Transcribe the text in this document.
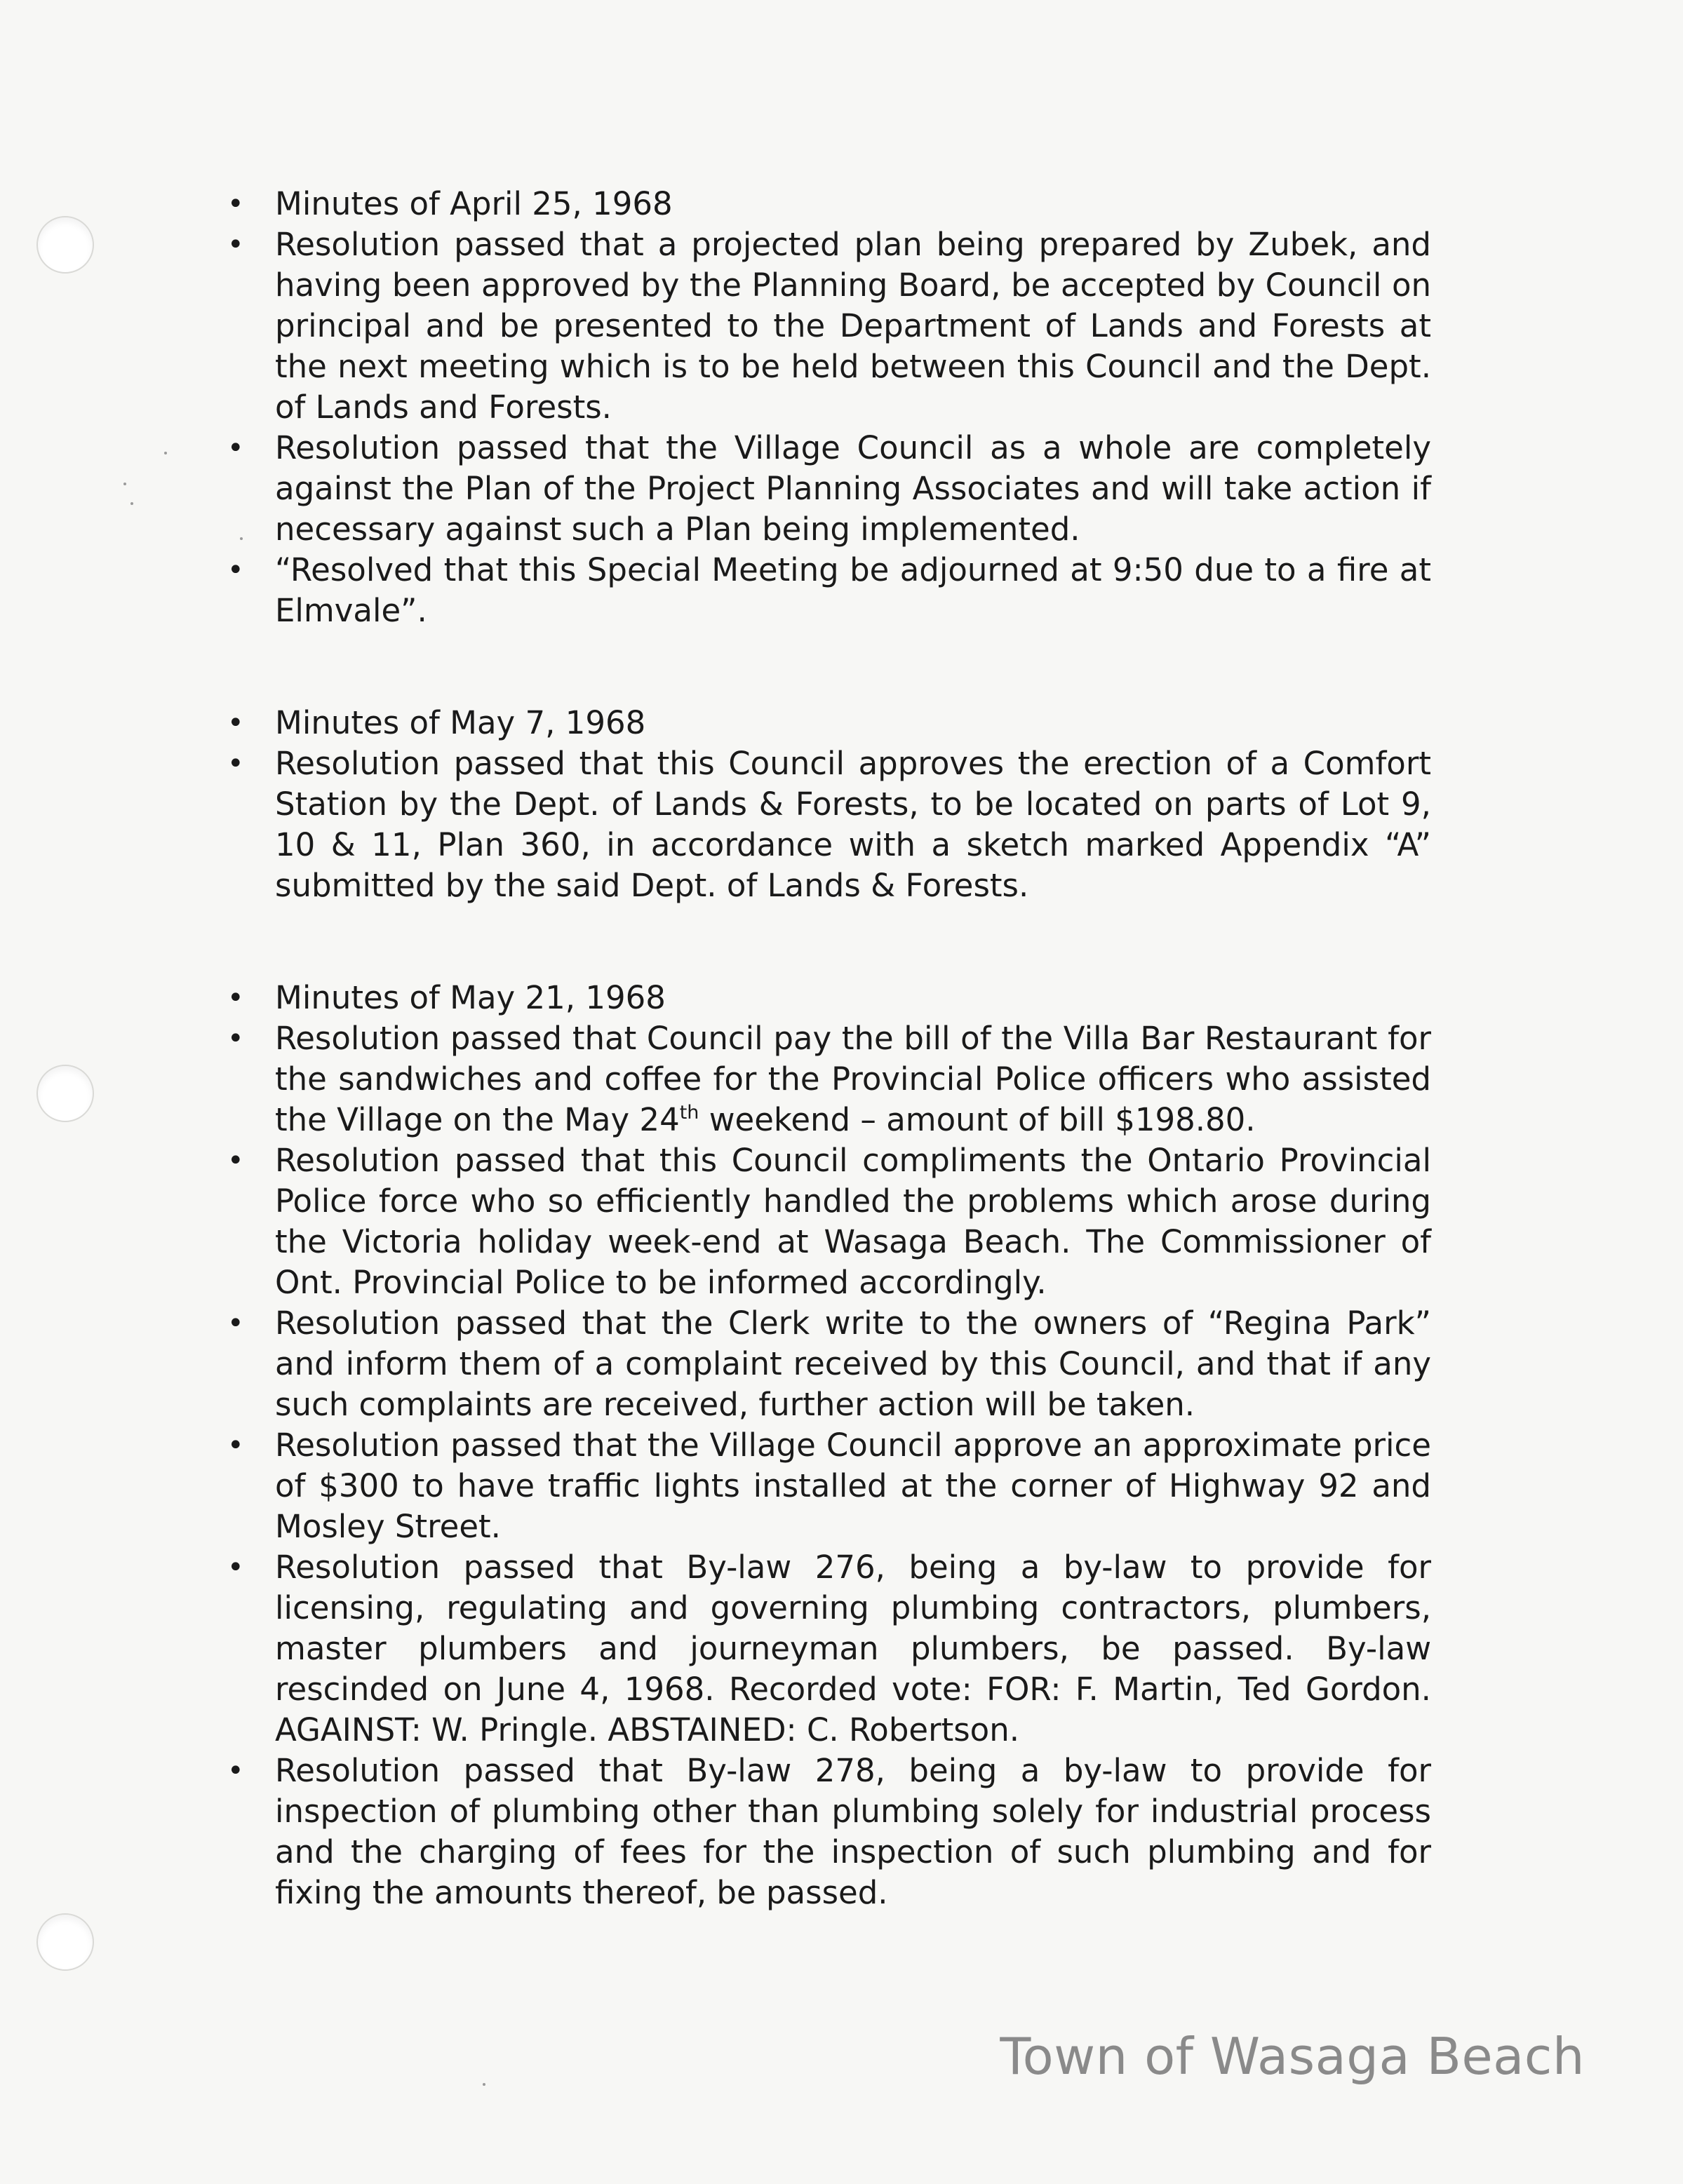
• Minutes of April 25, 1968
• Resolution passed that a projected plan being prepared by Zubek, and having been approved by the Planning Board, be accepted by Council on principal and be presented to the Department of Lands and Forests at the next meeting which is to be held between this Council and the Dept. of Lands and Forests.
• Resolution passed that the Village Council as a whole are completely against the Plan of the Project Planning Associates and will take action if necessary against such a Plan being implemented.
• “Resolved that this Special Meeting be adjourned at 9:50 due to a fire at Elmvale”.
• Minutes of May 7, 1968
• Resolution passed that this Council approves the erection of a Comfort Station by the Dept. of Lands & Forests, to be located on parts of Lot 9, 10 & 11, Plan 360, in accordance with a sketch marked Appendix “A” submitted by the said Dept. of Lands & Forests.
• Minutes of May 21, 1968
• Resolution passed that Council pay the bill of the Villa Bar Restaurant for the sandwiches and coffee for the Provincial Police officers who assisted the Village on the May 24th weekend – amount of bill $198.80.
• Resolution passed that this Council compliments the Ontario Provincial Police force who so efficiently handled the problems which arose during the Victoria holiday week-end at Wasaga Beach. The Commissioner of Ont. Provincial Police to be informed accordingly.
• Resolution passed that the Clerk write to the owners of “Regina Park” and inform them of a complaint received by this Council, and that if any such complaints are received, further action will be taken.
• Resolution passed that the Village Council approve an approximate price of $300 to have traffic lights installed at the corner of Highway 92 and Mosley Street.
• Resolution passed that By-law 276, being a by-law to provide for licensing, regulating and governing plumbing contractors, plumbers, master plumbers and journeyman plumbers, be passed. By-law rescinded on June 4, 1968. Recorded vote: FOR: F. Martin, Ted Gordon. AGAINST: W. Pringle. ABSTAINED: C. Robertson.
• Resolution passed that By-law 278, being a by-law to provide for inspection of plumbing other than plumbing solely for industrial process and the charging of fees for the inspection of such plumbing and for fixing the amounts thereof, be passed.
Town of Wasaga Beach
